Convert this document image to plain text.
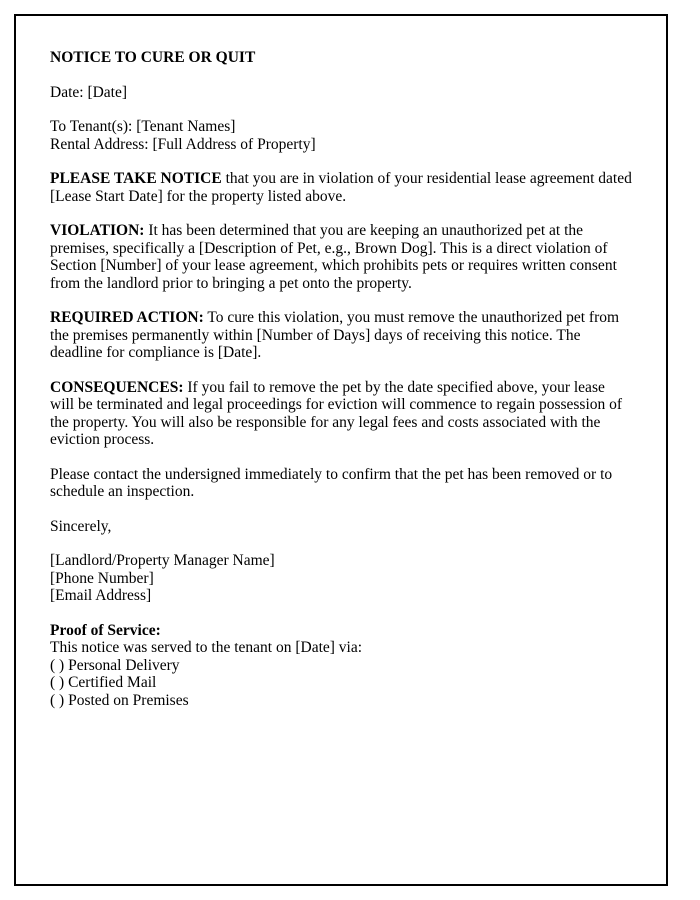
NOTICE TO CURE OR QUIT

Date: [Date]

To Tenant(s): [Tenant Names]
Rental Address: [Full Address of Property]

PLEASE TAKE NOTICE that you are in violation of your residential lease agreement dated [Lease Start Date] for the property listed above.

VIOLATION: It has been determined that you are keeping an unauthorized pet at the premises, specifically a [Description of Pet, e.g., Brown Dog]. This is a direct violation of Section [Number] of your lease agreement, which prohibits pets or requires written consent from the landlord prior to bringing a pet onto the property.

REQUIRED ACTION: To cure this violation, you must remove the unauthorized pet from the premises permanently within [Number of Days] days of receiving this notice. The deadline for compliance is [Date].

CONSEQUENCES: If you fail to remove the pet by the date specified above, your lease will be terminated and legal proceedings for eviction will commence to regain possession of the property. You will also be responsible for any legal fees and costs associated with the eviction process.

Please contact the undersigned immediately to confirm that the pet has been removed or to schedule an inspection.

Sincerely,

[Landlord/Property Manager Name]
[Phone Number]
[Email Address]
Proof of Service:
This notice was served to the tenant on [Date] via:
( ) Personal Delivery
( ) Certified Mail
( ) Posted on Premises
